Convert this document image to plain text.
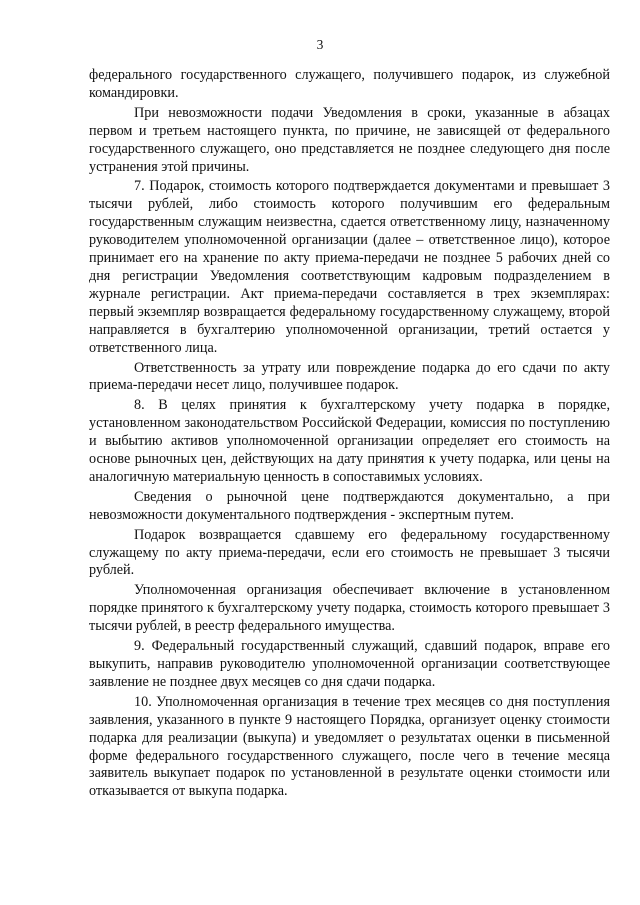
3

федерального государственного служащего, получившего подарок, из служебной командировки.

При невозможности подачи Уведомления в сроки, указанные в абзацах первом и третьем настоящего пункта, по причине, не зависящей от федерального государственного служащего, оно представляется не позднее следующего дня после устранения этой причины.

7. Подарок, стоимость которого подтверждается документами и превышает 3 тысячи рублей, либо стоимость которого получившим его федеральным государственным служащим неизвестна, сдается ответственному лицу, назначенному руководителем уполномоченной организации (далее – ответственное лицо), которое принимает его на хранение по акту приема-передачи не позднее 5 рабочих дней со дня регистрации Уведомления соответствующим кадровым подразделением в журнале регистрации. Акт приема-передачи составляется в трех экземплярах: первый экземпляр возвращается федеральному государственному служащему, второй направляется в бухгалтерию уполномоченной организации, третий остается у ответственного лица.

Ответственность за утрату или повреждение подарка до его сдачи по акту приема-передачи несет лицо, получившее подарок.

8. В целях принятия к бухгалтерскому учету подарка в порядке, установленном законодательством Российской Федерации, комиссия по поступлению и выбытию активов уполномоченной организации определяет его стоимость на основе рыночных цен, действующих на дату принятия к учету подарка, или цены на аналогичную материальную ценность в сопоставимых условиях.

Сведения о рыночной цене подтверждаются документально, а при невозможности документального подтверждения - экспертным путем.

Подарок возвращается сдавшему его федеральному государственному служащему по акту приема-передачи, если его стоимость не превышает 3 тысячи рублей.

Уполномоченная организация обеспечивает включение в установленном порядке принятого к бухгалтерскому учету подарка, стоимость которого превышает 3 тысячи рублей, в реестр федерального имущества.

9. Федеральный государственный служащий, сдавший подарок, вправе его выкупить, направив руководителю уполномоченной организации соответствующее заявление не позднее двух месяцев со дня сдачи подарка.

10. Уполномоченная организация в течение трех месяцев со дня поступления заявления, указанного в пункте 9 настоящего Порядка, организует оценку стоимости подарка для реализации (выкупа) и уведомляет о результатах оценки в письменной форме федерального государственного служащего, после чего в течение месяца заявитель выкупает подарок по установленной в результате оценки стоимости или отказывается от выкупа подарка.
